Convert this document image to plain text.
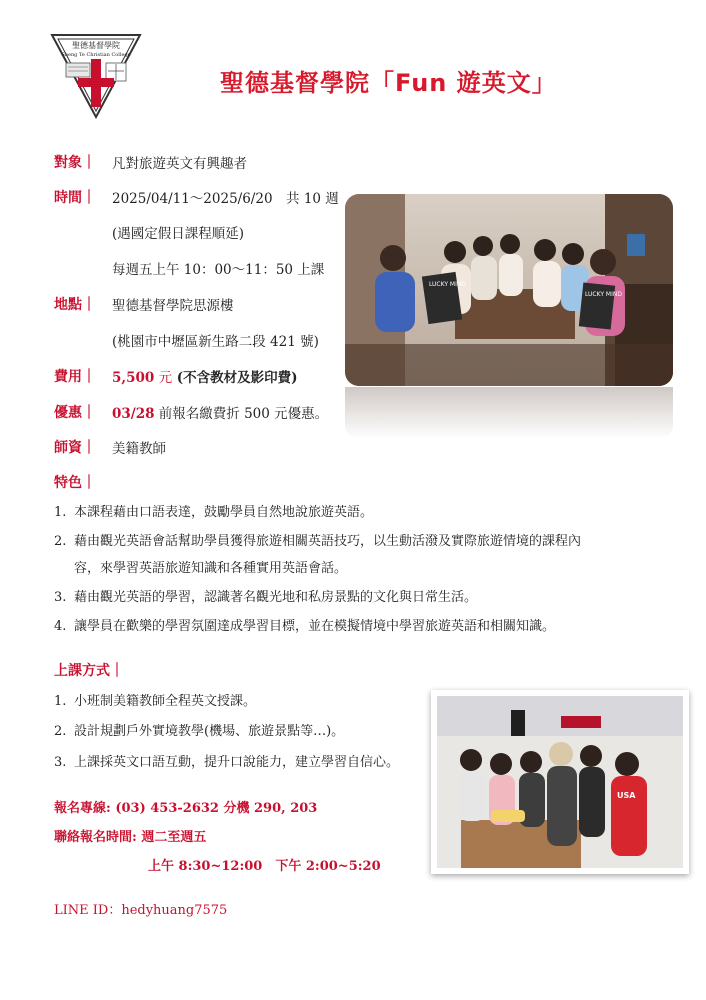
聖德基督學院
Sheng Te Christian College
聖德基督學院「Fun 遊英文」
對象｜ 凡對旅遊英文有興趣者
時間｜ 2025/04/11～2025/6/20　共 10 週
(遇國定假日課程順延)
每週五上午 10：00～11：50 上課
地點｜ 聖德基督學院思源樓
(桃園市中壢區新生路二段 421 號)
費用｜ 5,500 元 (不含教材及影印費)
優惠｜ 03/28 前報名繳費折 500 元優惠。
師資｜ 美籍教師
LUCKY MIND
LUCKY MIND
特色｜
1. 本課程藉由口語表達，鼓勵學員自然地說旅遊英語。
2. 藉由觀光英語會話幫助學員獲得旅遊相關英語技巧，以生動活潑及實際旅遊情境的課程內
容，來學習英語旅遊知識和各種實用英語會話。
3. 藉由觀光英語的學習，認識著名觀光地和私房景點的文化與日常生活。
4. 讓學員在歡樂的學習氛圍達成學習目標，並在模擬情境中學習旅遊英語和相關知識。
上課方式｜
1. 小班制美籍教師全程英文授課。
2. 設計規劃戶外實境教學(機場、旅遊景點等…)。
3. 上課採英文口語互動，提升口說能力，建立學習自信心。
USA
報名專線: (03) 453-2632 分機 290, 203
聯絡報名時間: 週二至週五
上午 8:30~12:00　下午 2:00~5:20
LINE ID：hedyhuang7575
